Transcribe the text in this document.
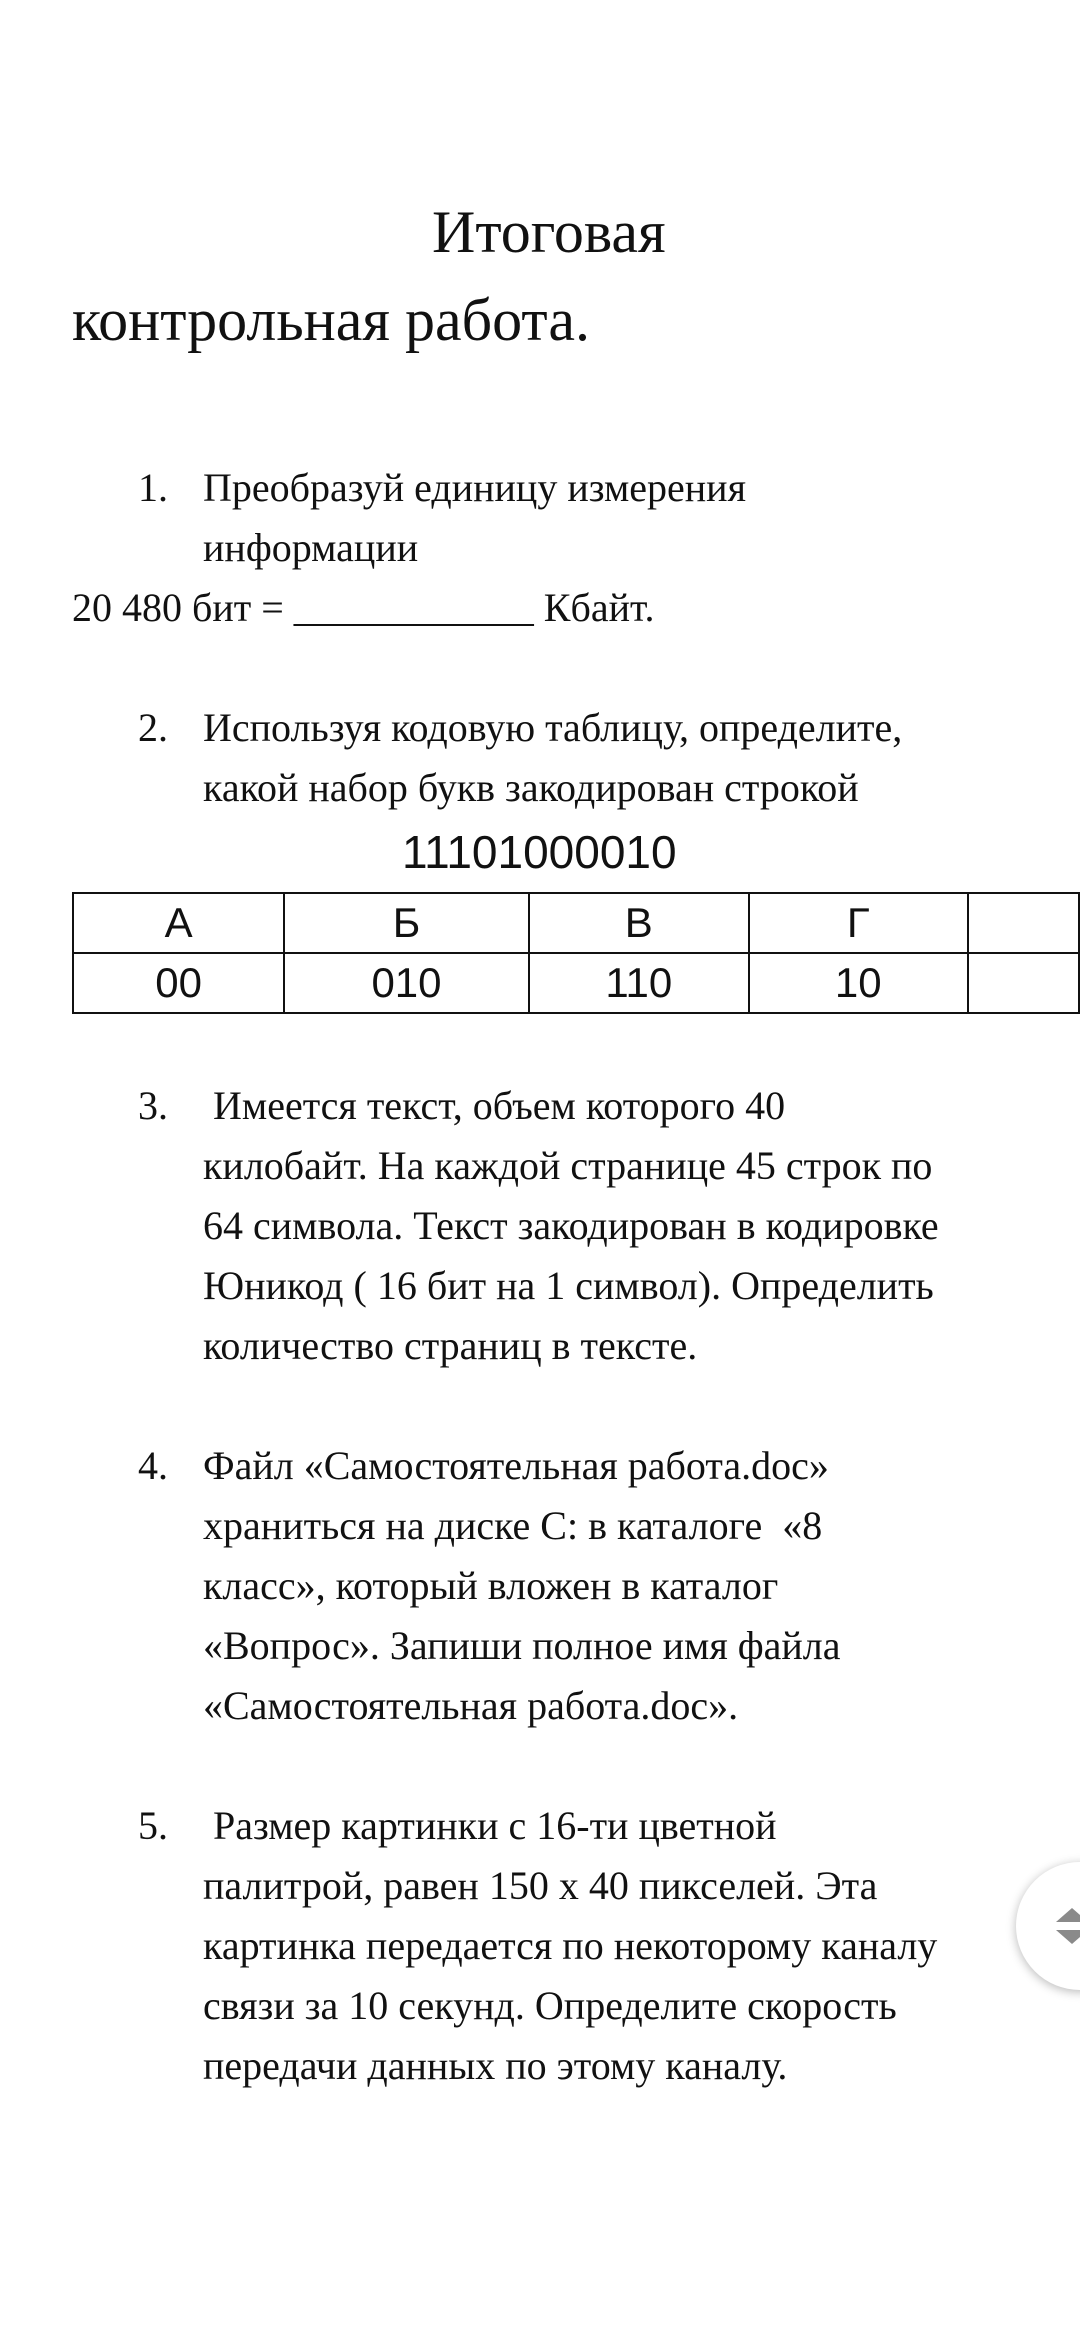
Итоговая
контрольная работа.
1. Преобразуй единицу измерения
информации
20 480 бит = ____________ Кбайт.
2. Используя кодовую таблицу, определите,
какой набор букв закодирован строкой
11101000010
А	Б	В	Г	
00	010	110	10	
3. Имеется текст, объем которого 40
килобайт. На каждой странице 45 строк по
64 символа. Текст закодирован в кодировке
Юникод ( 16 бит на 1 символ). Определить
количество страниц в тексте.
4. Файл «Самостоятельная работа.doc»
храниться на диске С: в каталоге  «8
класс», который вложен в каталог
«Вопрос». Запиши полное имя файла
«Самостоятельная работа.doc».
5. Размер картинки с 16-ти цветной
палитрой, равен 150 х 40 пикселей. Эта
картинка передается по некоторому каналу
связи за 10 секунд. Определите скорость
передачи данных по этому каналу.
